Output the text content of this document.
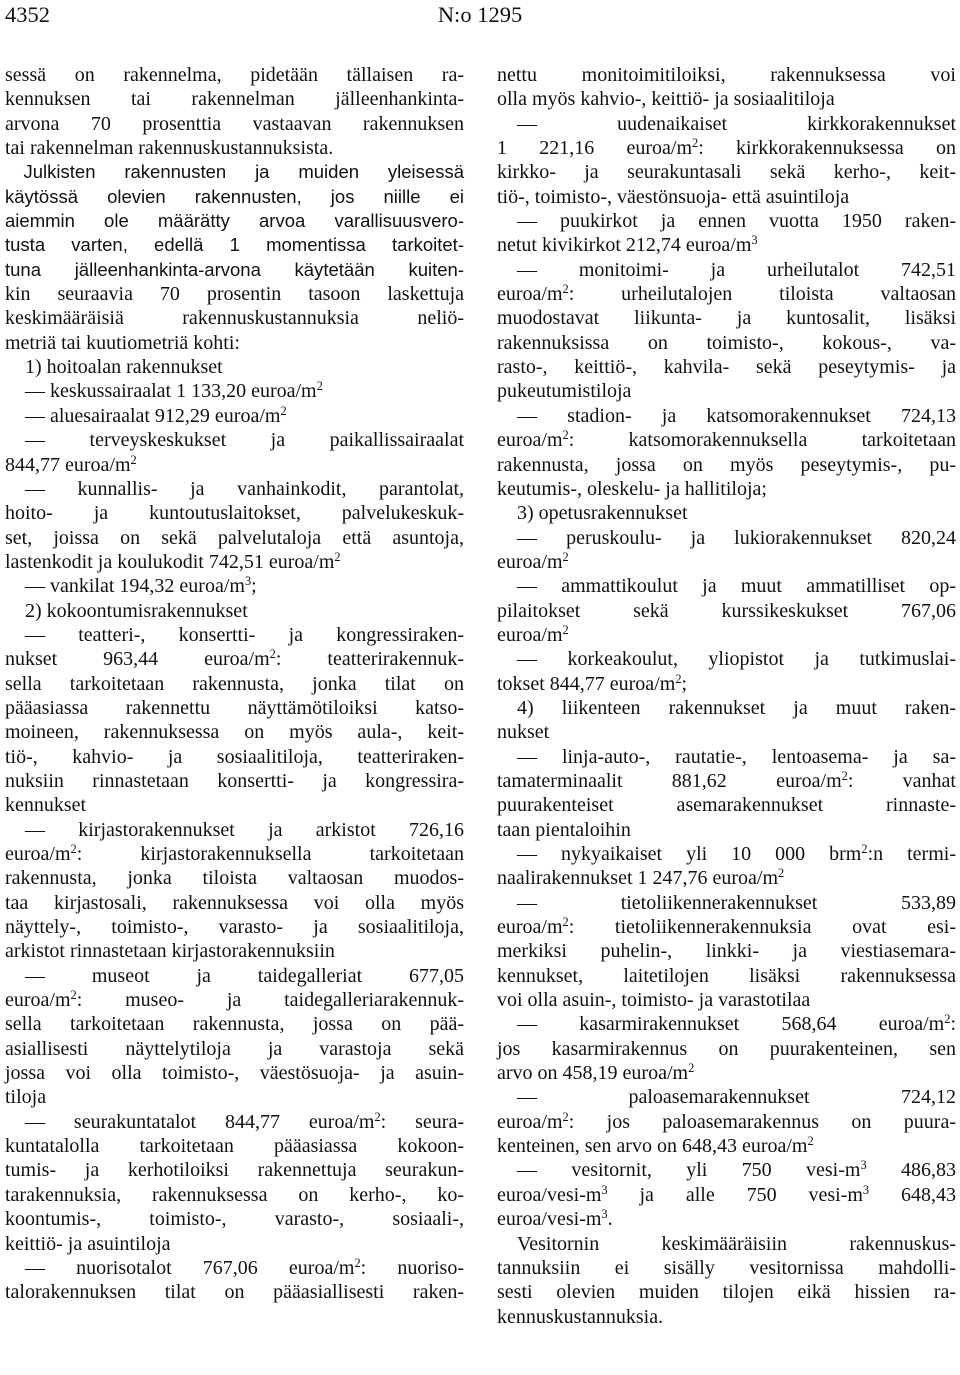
4352	N:o 1295
sessä on rakennelma, pidetään tällaisen ra-
kennuksen tai rakennelman jälleenhankinta-
arvona 70 prosenttia vastaavan rakennuksen
tai rakennelman rakennuskustannuksista.
 Julkisten rakennusten ja muiden yleisessä
käytössä olevien rakennusten, jos niille ei
aiemmin ole määrätty arvoa varallisuusvero-
tusta varten, edellä 1 momentissa tarkoitet-
tuna jälleenhankinta-arvona käytetään kuiten-
kin seuraavia 70 prosentin tasoon laskettuja
keskimääräisiä rakennuskustannuksia neliö-
metriä tai kuutiometriä kohti:
 1) hoitoalan rakennukset
 — keskussairaalat 1 133,20 euroa/$m^2$
 — aluesairaalat 912,29 euroa/$m^2$
 — terveyskeskukset ja paikallissairaalat
844,77 euroa/$m^2$
 — kunnallis- ja vanhainkodit, parantolat,
hoito- ja kuntoutuslaitokset, palvelukeskuk-
set, joissa on sekä palvelutaloja että asuntoja,
lastenkodit ja koulukodit 742,51 euroa/$m^2$
 — vankilat 194,32 euroa/$m^3$;
 2) kokoontumisrakennukset
 — teatteri-, konsertti- ja kongressiraken-
nukset 963,44 euroa/$m^2$: teatterirakennuk-
sella tarkoitetaan rakennusta, jonka tilat on
pääasiassa rakennettu näyttämötiloiksi katso-
moineen, rakennuksessa on myös aula-, keit-
tiö-, kahvio- ja sosiaalitiloja, teatteriraken-
nuksiin rinnastetaan konsertti- ja kongressira-
kennukset
 — kirjastorakennukset ja arkistot 726,16
euroa/$m^2$: kirjastorakennuksella tarkoitetaan
rakennusta, jonka tiloista valtaosan muodos-
taa kirjastosali, rakennuksessa voi olla myös
näyttely-, toimisto-, varasto- ja sosiaalitiloja,
arkistot rinnastetaan kirjastorakennuksiin
 — museot ja taidegalleriat 677,05
euroa/$m^2$: museo- ja taidegalleriarakennuk-
sella tarkoitetaan rakennusta, jossa on pää-
asiallisesti näyttelytiloja ja varastoja sekä
jossa voi olla toimisto-, väestösuoja- ja asuin-
tiloja
 — seurakuntatalot 844,77 euroa/$m^2$: seura-
kuntatalolla tarkoitetaan pääasiassa kokoon-
tumis- ja kerhotiloiksi rakennettuja seurakun-
tarakennuksia, rakennuksessa on kerho-, ko-
koontumis-, toimisto-, varasto-, sosiaali-,
keittiö- ja asuintiloja
 — nuorisotalot 767,06 euroa/$m^2$: nuoriso-
talorakennuksen tilat on pääasiallisesti raken-
nettu monitoimitiloiksi, rakennuksessa voi
olla myös kahvio-, keittiö- ja sosiaalitiloja
 — uudenaikaiset kirkkorakennukset
1 221,16 euroa/$m^2$: kirkkorakennuksessa on
kirkko- ja seurakuntasali sekä kerho-, keit-
tiö-, toimisto-, väestönsuoja- että asuintiloja
 — puukirkot ja ennen vuotta 1950 raken-
netut kivikirkot 212,74 euroa/$m^3$
 — monitoimi- ja urheilutalot 742,51
euroa/$m^2$: urheilutalojen tiloista valtaosan
muodostavat liikunta- ja kuntosalit, lisäksi
rakennuksissa on toimisto-, kokous-, va-
rasto-, keittiö-, kahvila- sekä peseytymis- ja
pukeutumistiloja
 — stadion- ja katsomorakennukset 724,13
euroa/$m^2$: katsomorakennuksella tarkoitetaan
rakennusta, jossa on myös peseytymis-, pu-
keutumis-, oleskelu- ja hallitiloja;
 3) opetusrakennukset
 — peruskoulu- ja lukiorakennukset 820,24
euroa/$m^2$
 — ammattikoulut ja muut ammatilliset op-
pilaitokset sekä kurssikeskukset 767,06
euroa/$m^2$
 — korkeakoulut, yliopistot ja tutkimuslai-
tokset 844,77 euroa/$m^2$;
 4) liikenteen rakennukset ja muut raken-
nukset
 — linja-auto-, rautatie-, lentoasema- ja sa-
tamaterminaalit 881,62 euroa/$m^2$: vanhat
puurakenteiset asemarakennukset rinnaste-
taan pientaloihin
 — nykyaikaiset yli 10 000 brm$^2$:n termi-
naalirakennukset 1 247,76 euroa/$m^2$
 — tietoliikennerakennukset 533,89
euroa/$m^2$: tietoliikennerakennuksia ovat esi-
merkiksi puhelin-, linkki- ja viestiasemara-
kennukset, laitetilojen lisäksi rakennuksessa
voi olla asuin-, toimisto- ja varastotilaa
 — kasarmirakennukset 568,64 euroa/$m^2$:
jos kasarmirakennus on puurakenteinen, sen
arvo on 458,19 euroa/$m^2$
 — paloasemarakennukset 724,12
euroa/$m^2$: jos paloasemarakennus on puura-
kenteinen, sen arvo on 648,43 euroa/$m^2$
 — vesitornit, yli 750 vesi-$m^3$ 486,83
euroa/$vesi-m^3$ ja alle 750 vesi-$m^3$ 648,43
euroa/$vesi-m^3$.
 Vesitornin keskimääräisiin rakennuskus-
tannuksiin ei sisälly vesitornissa mahdolli-
sesti olevien muiden tilojen eikä hissien ra-
kennuskustannuksia.
